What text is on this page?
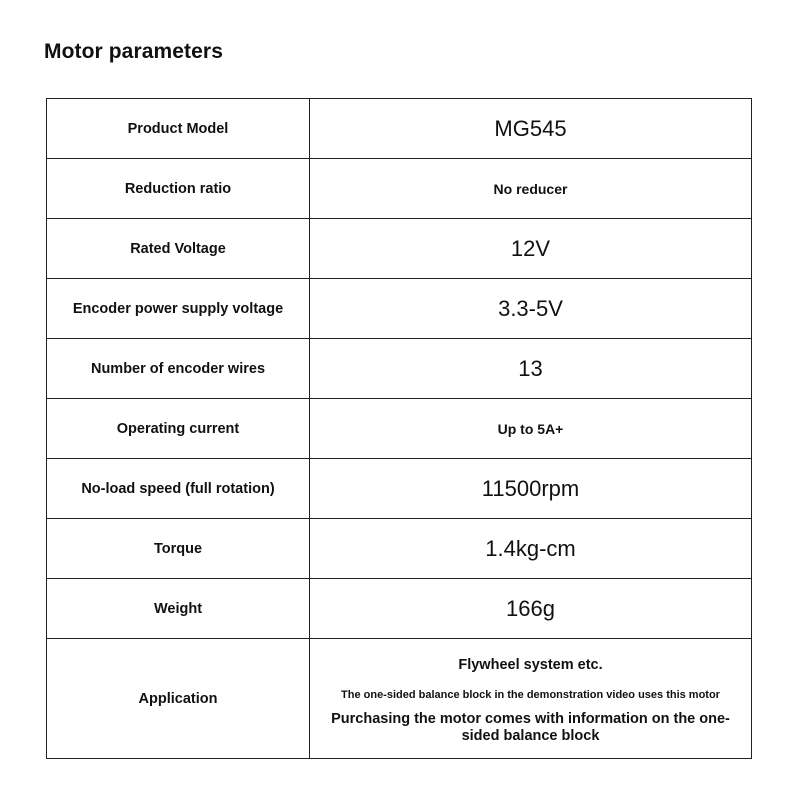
Motor parameters
Product Model	MG545
Reduction ratio	No reducer
Rated Voltage	12V
Encoder power supply voltage	3.3-5V
Number of encoder wires	13
Operating current	Up to 5A+
No-load speed (full rotation)	11500rpm
Torque	1.4kg-cm
Weight	166g
Application	Flywheel system etc.
The one-sided balance block in the demonstration video uses this motor
Purchasing the motor comes with information on the one-sided balance block
